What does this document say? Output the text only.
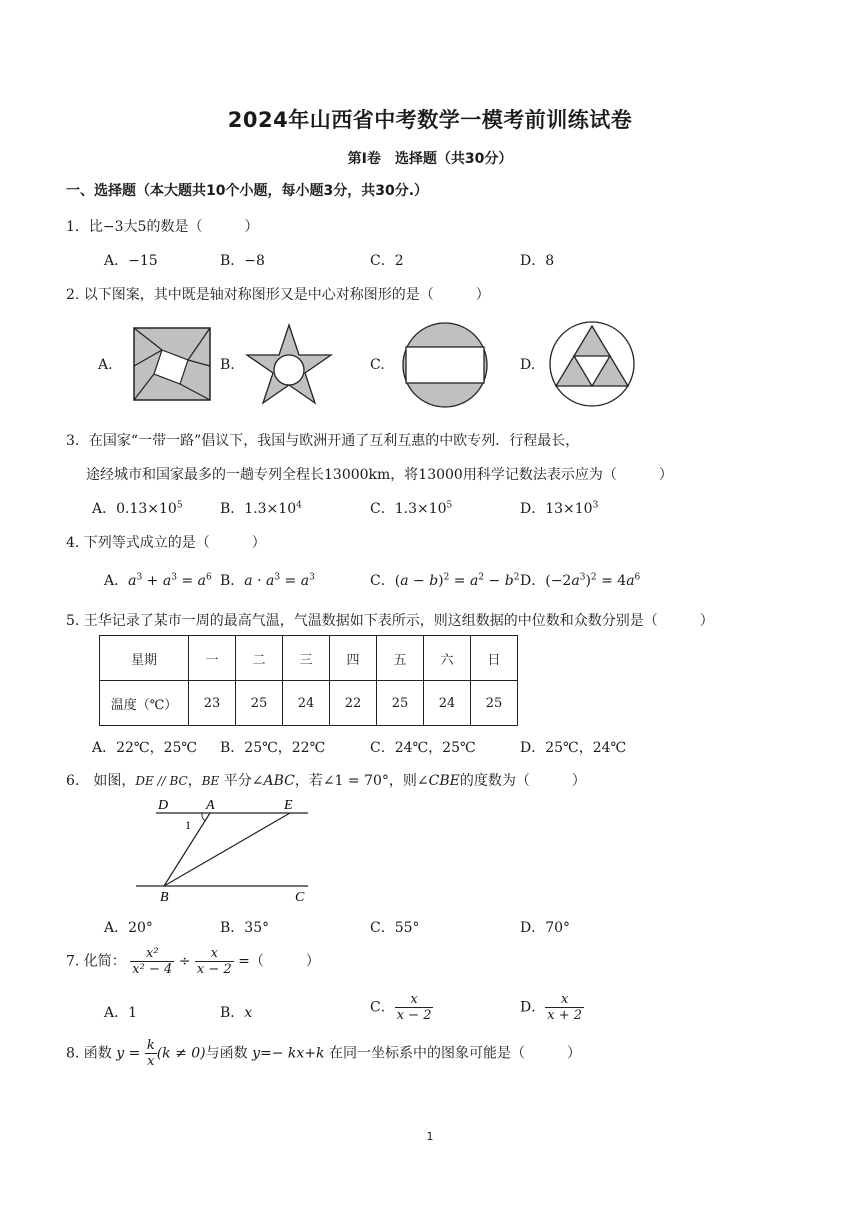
2024年山西省中考数学一模考前训练试卷
第Ⅰ卷　选择题（共30分）
一、选择题（本大题共10个小题，每小题3分，共30分.）
1．比−3大5的数是（　　　）
A．−15	B．−8	C．2	D．8
2. 以下图案，其中既是轴对称图形又是中心对称图形的是（　　　）
A.	B.	C.	D.
3．在国家“一带一路”倡议下，我国与欧洲开通了互利互惠的中欧专列．行程最长，
途经城市和国家最多的一趟专列全程长13000km，将13000用科学记数法表示应为（　　　）
A．$0.13\times 10^5$	B．$1.3\times 10^4$	C．$1.3\times 10^5$	D．$13\times 10^3$
4. 下列等式成立的是（　　　）
A．$a^3 + a^3 = a^6$ B．$a \cdot a^3 = a^3$	C．$(a - b)^2 = a^2 - b^2$ D．$(-2a^3)^2 = 4a^6$
5. 王华记录了某市一周的最高气温，气温数据如下表所示，则这组数据的中位数和众数分别是（　　　）
星期	一	二	三	四	五	六	日
温度（℃）	23	25	24	22	25	24	25
A．22℃，25℃ B．25℃，22℃	C．24℃，25℃	D．25℃，24℃
6． 如图，DE // BC，BE 平分∠ABC，若∠1 = 70°，则∠CBE的度数为（　　　）
D	A	E
1
B	C
A．20°	B．35°	C．55°	D．70°
7. 化简： $\frac{\text{x²}}{\text{x² − 4}} \div \frac{x}{x - 2}$ =（　　　）
A．1	B．x	C． $\frac{x}{x - 2}$	D． $\frac{x}{x + 2}$
8. 函数 $y = \frac{k}{x} (k \ne 0)$与函数 y=− kx+k 在同一坐标系中的图象可能是（　　　）
1
